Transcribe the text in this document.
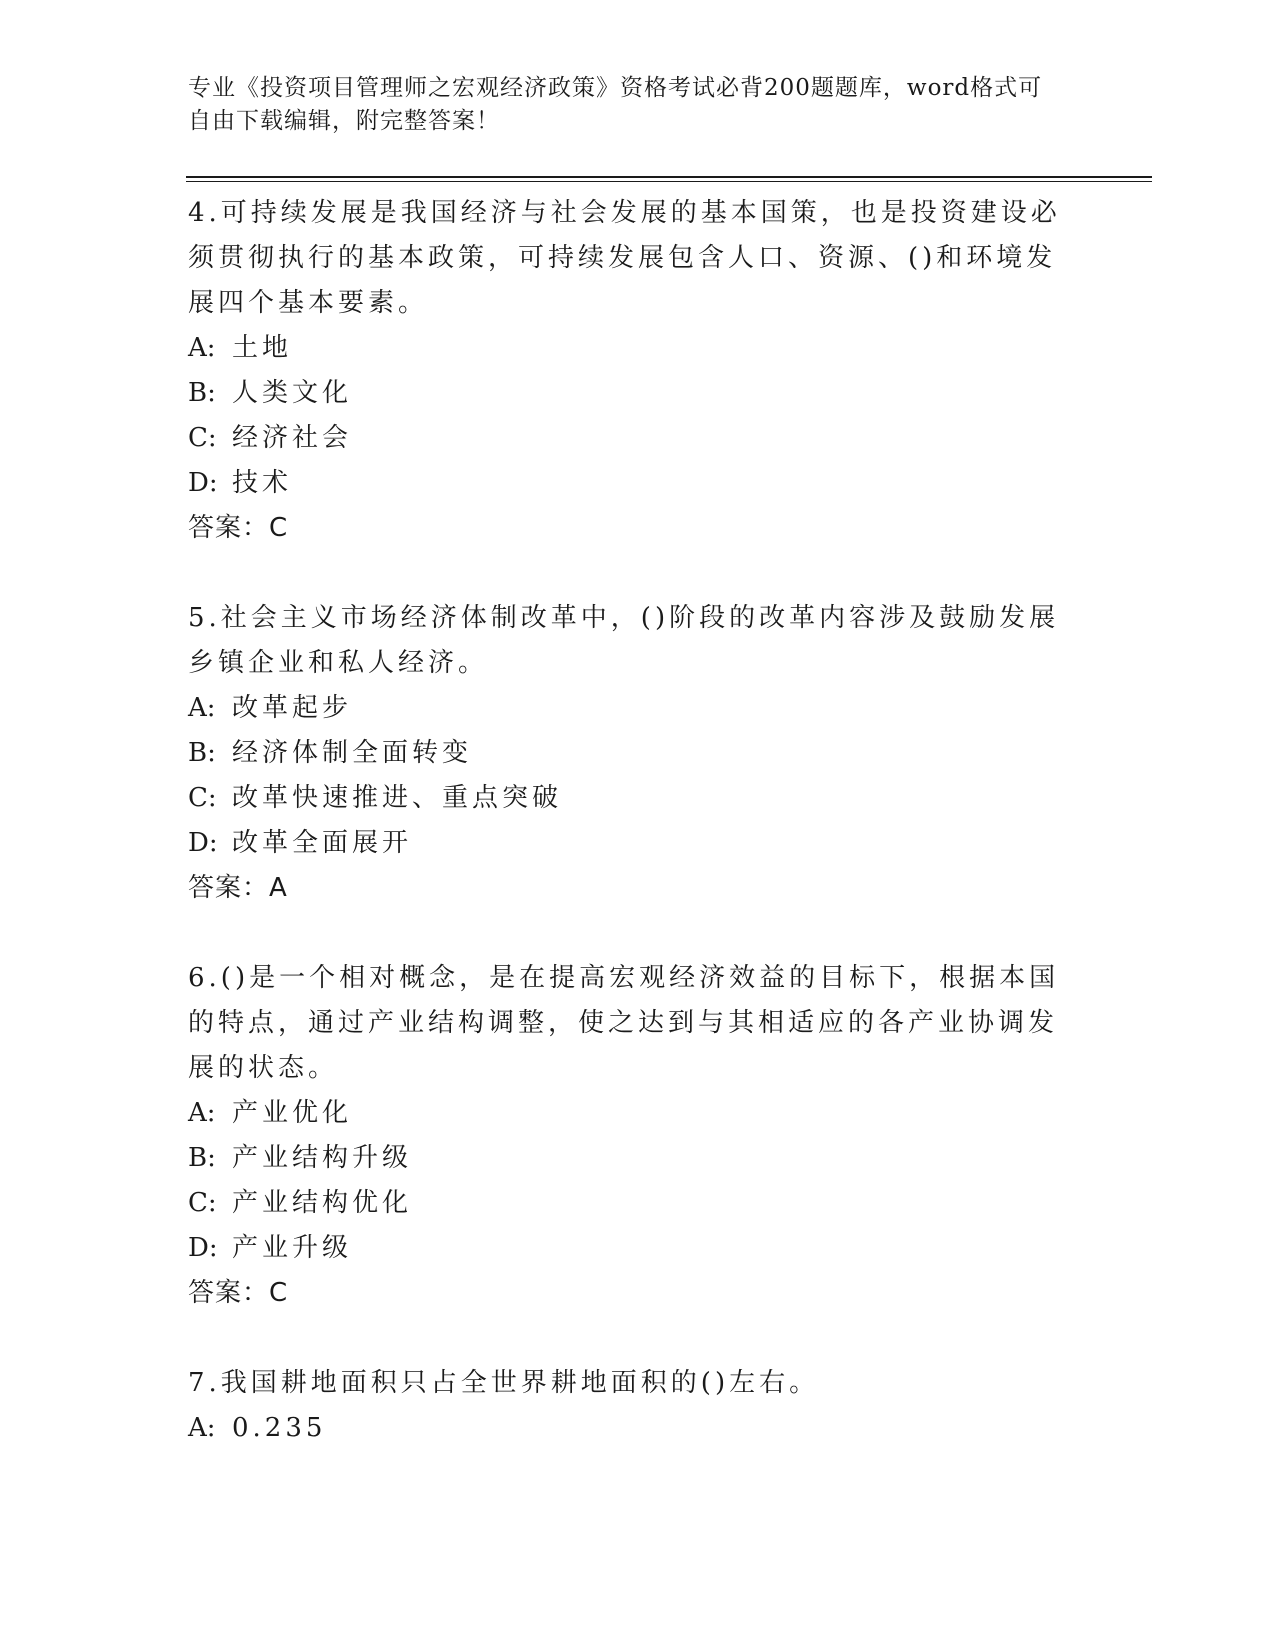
专业《投资项目管理师之宏观经济政策》资格考试必背200题题库，word格式可
自由下载编辑，附完整答案！
4.可持续发展是我国经济与社会发展的基本国策，也是投资建设必须贯彻执行的基本政策，可持续发展包含人口、资源、()和环境发展四个基本要素。
A: 土地
B: 人类文化
C: 经济社会
D: 技术
答案：C
5.社会主义市场经济体制改革中，()阶段的改革内容涉及鼓励发展乡镇企业和私人经济。
A: 改革起步
B: 经济体制全面转变
C: 改革快速推进、重点突破
D: 改革全面展开
答案：A
6.()是一个相对概念，是在提高宏观经济效益的目标下，根据本国的特点，通过产业结构调整，使之达到与其相适应的各产业协调发展的状态。
A: 产业优化
B: 产业结构升级
C: 产业结构优化
D: 产业升级
答案：C
7.我国耕地面积只占全世界耕地面积的()左右。
A: 0.235
